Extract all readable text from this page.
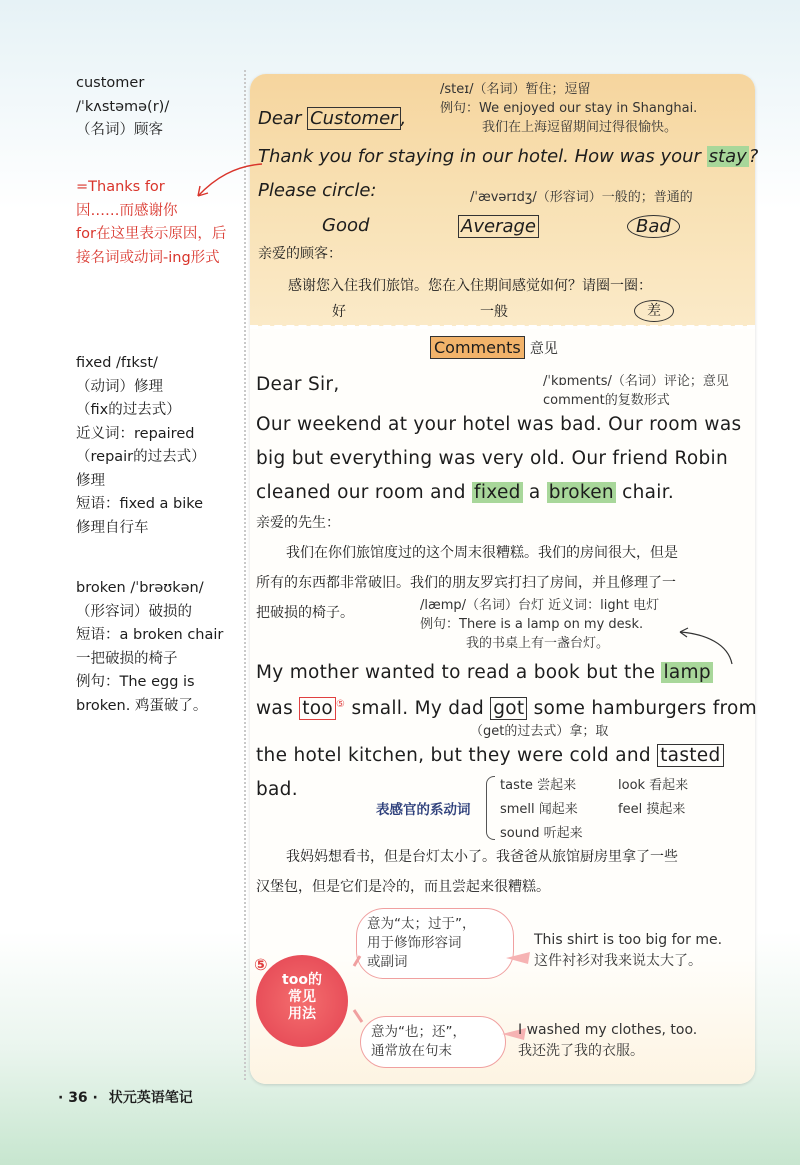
customer
/ˈkʌstəmə(r)/
（名词）顾客
=Thanks for
因……而感谢你
for在这里表示原因，后
接名词或动词-ing形式
fixed /fɪkst/
（动词）修理
（fix的过去式）
近义词：repaired
（repair的过去式）
修理
短语：fixed a bike
修理自行车
broken /ˈbrəʊkən/
（形容词）破损的
短语：a broken chair
一把破损的椅子
例句：The egg is
broken. 鸡蛋破了。
/steɪ/（名词）暂住；逗留
例句：We enjoyed our stay in Shanghai.
我们在上海逗留期间过得很愉快。
Dear Customer ,
Thank you for staying in our hotel. How was your stay ?
Please circle:	/ˈævərɪdʒ/（形容词）一般的；普通的
Good	Average	Bad
亲爱的顾客：
感谢您入住我们旅馆。您在入住期间感觉如何？请圈一圈：
好	一般	差
Comments 意见
/ˈkɒments/（名词）评论；意见
comment的复数形式
Dear Sir,
Our weekend at your hotel was bad. Our room was
big but everything was very old. Our friend Robin
cleaned our room and fixed a broken chair.
亲爱的先生：
我们在你们旅馆度过的这个周末很糟糕。我们的房间很大，但是
所有的东西都非常破旧。我们的朋友罗宾打扫了房间，并且修理了一
把破损的椅子。	/læmp/（名词）台灯 近义词：light 电灯
例句：There is a lamp on my desk.
我的书桌上有一盏台灯。
My mother wanted to read a book but the lamp
was too ⑤ small. My dad got some hamburgers from
（get的过去式）拿；取
the hotel kitchen, but they were cold and tasted
bad.
表感官的系动词
taste 尝起来	look 看起来
smell 闻起来	feel 摸起来
sound 听起来
我妈妈想看书，但是台灯太小了。我爸爸从旅馆厨房里拿了一些
汉堡包，但是它们是冷的，而且尝起来很糟糕。
too的
常见
用法
⑤
意为“太；过于”，
用于修饰形容词
或副词
意为“也；还”，
通常放在句末
This shirt is too big for me.
这件衬衫对我来说太大了。
I washed my clothes, too.
我还洗了我的衣服。
· 36 · 状元英语笔记
